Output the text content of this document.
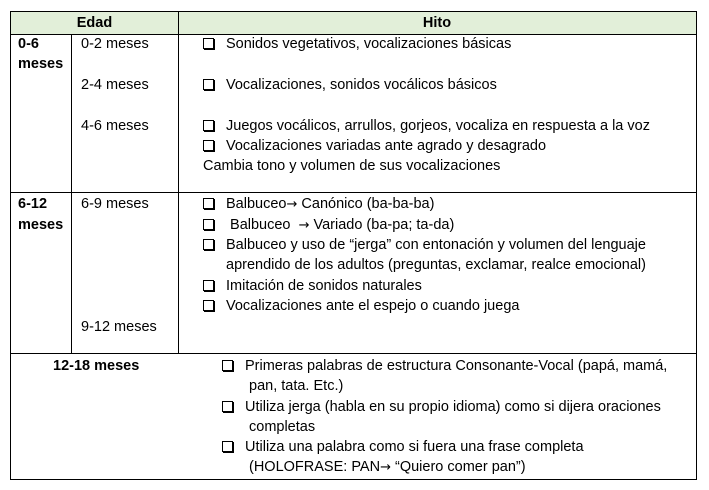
Edad	Hito
0-6
meses
0-2 meses
2-4 meses
4-6 meses
Sonidos vegetativos, vocalizaciones básicas
Vocalizaciones, sonidos vocálicos básicos
Juegos vocálicos, arrullos, gorjeos, vocaliza en respuesta a la voz
Vocalizaciones variadas ante agrado y desagrado
Cambia tono y volumen de sus vocalizaciones
6-12
meses
6-9 meses
9-12 meses
Balbuceo→ Canónico (ba-ba-ba)
Balbuceo  → Variado (ba-pa; ta-da)
Balbuceo y uso de “jerga” con entonación y volumen del lenguaje
aprendido de los adultos (preguntas, exclamar, realce emocional)
Imitación de sonidos naturales
Vocalizaciones ante el espejo o cuando juega
12-18 meses	Primeras palabras de estructura Consonante-Vocal (papá, mamá,
pan, tata. Etc.)
Utiliza jerga (habla en su propio idioma) como si dijera oraciones
completas
Utiliza una palabra como si fuera una frase completa
(HOLOFRASE: PAN→ “Quiero comer pan”)
